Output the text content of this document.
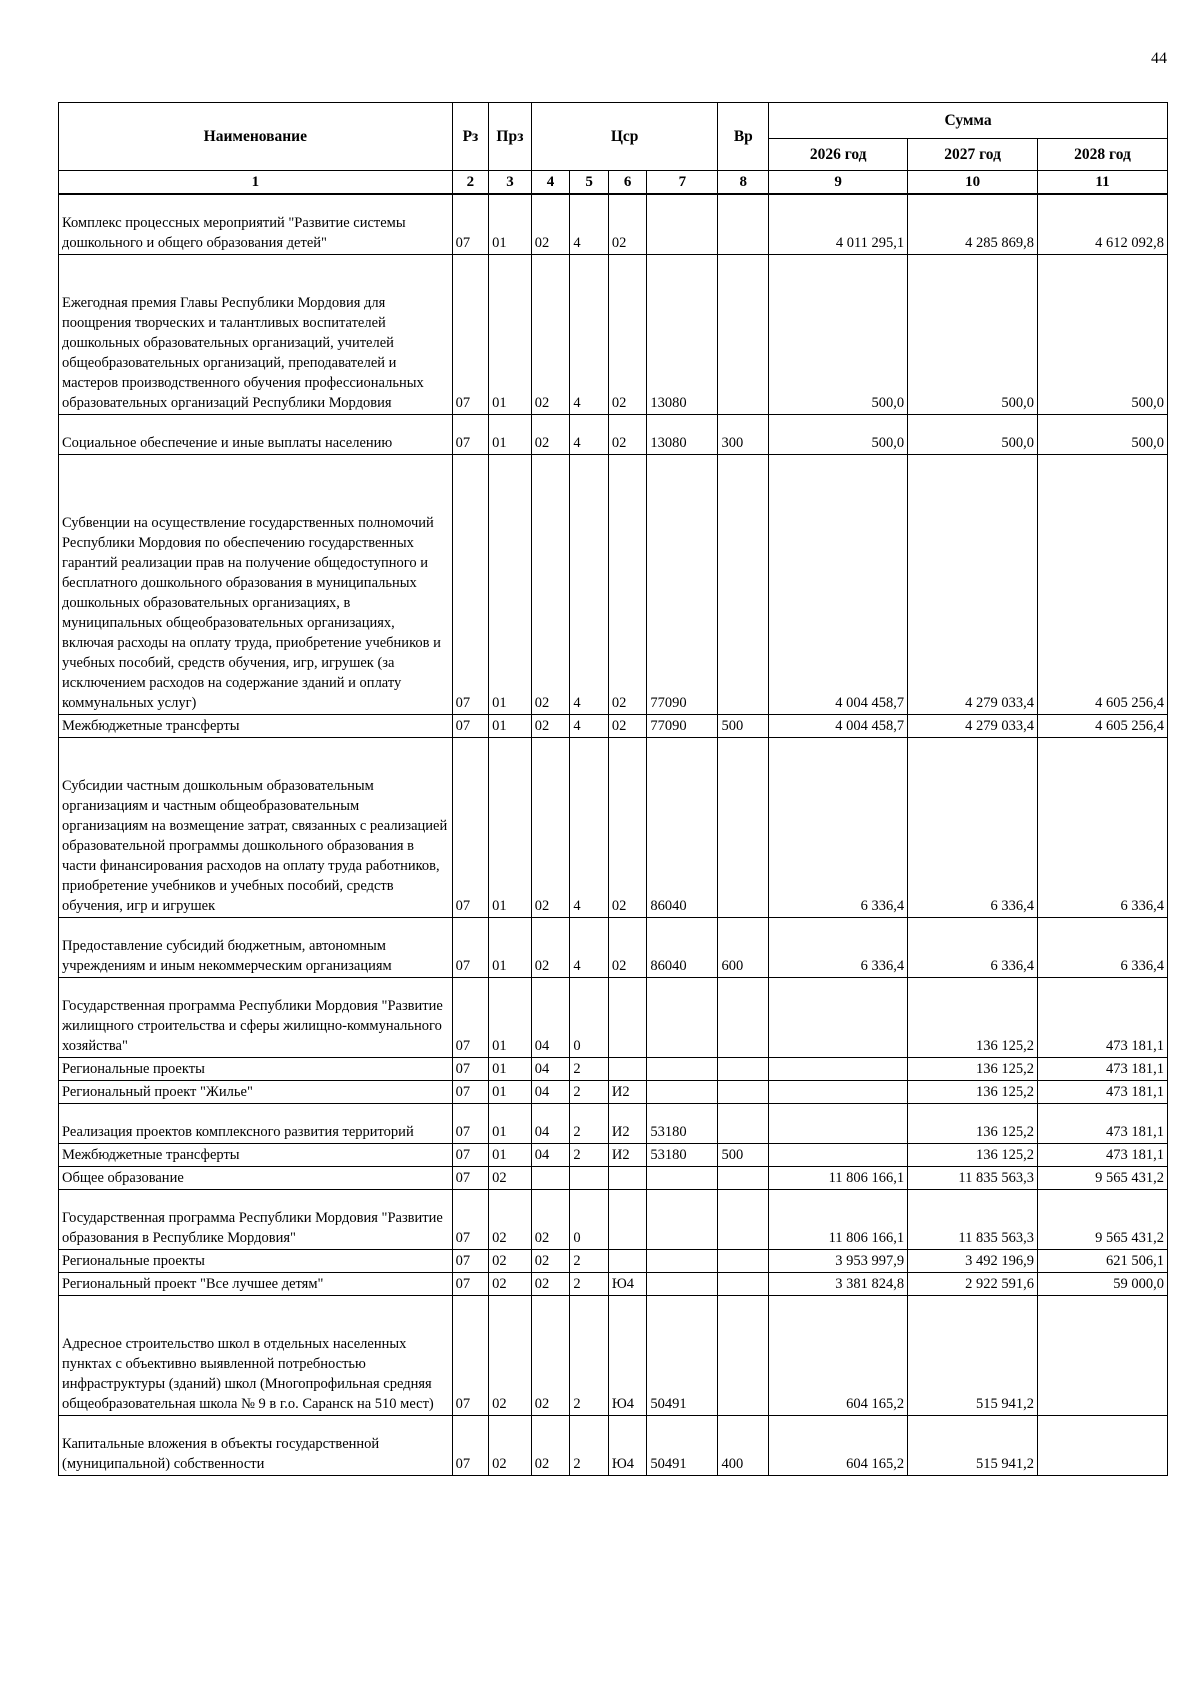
44
Наименование	Рз	Прз	Цср				Вр	Сумма		
								2026 год	2027 год	2028 год
1	2	3	4	5	6	7	8	9	10	11
Комплекс процессных мероприятий "Развитие системы дошкольного и общего образования детей"	07	01	02	4	02			4 011 295,1	4 285 869,8	4 612 092,8
Ежегодная премия Главы Республики Мордовия для поощрения творческих и талантливых воспитателей дошкольных образовательных организаций, учителей общеобразовательных организаций, преподавателей и мастеров производственного обучения профессиональных образовательных организаций Республики Мордовия	07	01	02	4	02	13080		500,0	500,0	500,0
Социальное обеспечение и иные выплаты населению	07	01	02	4	02	13080	300	500,0	500,0	500,0
Субвенции на осуществление государственных полномочий Республики Мордовия по обеспечению государственных гарантий реализации прав на получение общедоступного и бесплатного дошкольного образования в муниципальных дошкольных образовательных организациях, в муниципальных общеобразовательных организациях, включая расходы на оплату труда, приобретение учебников и учебных пособий, средств обучения, игр, игрушек (за исключением расходов на содержание зданий и оплату коммунальных услуг)	07	01	02	4	02	77090		4 004 458,7	4 279 033,4	4 605 256,4
Межбюджетные трансферты	07	01	02	4	02	77090	500	4 004 458,7	4 279 033,4	4 605 256,4
Субсидии частным дошкольным образовательным организациям и частным общеобразовательным организациям на возмещение затрат, связанных с реализацией образовательной программы дошкольного образования в части финансирования расходов на оплату труда работников, приобретение учебников и учебных пособий, средств обучения, игр и игрушек	07	01	02	4	02	86040		6 336,4	6 336,4	6 336,4
Предоставление субсидий бюджетным, автономным учреждениям и иным некоммерческим организациям	07	01	02	4	02	86040	600	6 336,4	6 336,4	6 336,4
Государственная программа Республики Мордовия "Развитие жилищного строительства и сферы жилищно-коммунального хозяйства"	07	01	04	0					136 125,2	473 181,1
Региональные проекты	07	01	04	2					136 125,2	473 181,1
Региональный проект "Жилье"	07	01	04	2	И2				136 125,2	473 181,1
Реализация проектов комплексного развития территорий	07	01	04	2	И2	53180			136 125,2	473 181,1
Межбюджетные трансферты	07	01	04	2	И2	53180	500		136 125,2	473 181,1
Общее образование	07	02						11 806 166,1	11 835 563,3	9 565 431,2
Государственная программа Республики Мордовия "Развитие образования в Республике Мордовия"	07	02	02	0				11 806 166,1	11 835 563,3	9 565 431,2
Региональные проекты	07	02	02	2				3 953 997,9	3 492 196,9	621 506,1
Региональный проект "Все лучшее детям"	07	02	02	2	Ю4			3 381 824,8	2 922 591,6	59 000,0
Адресное строительство школ в отдельных населенных пунктах с объективно выявленной потребностью инфраструктуры (зданий) школ (Многопрофильная средняя общеобразовательная школа № 9 в г.о. Саранск на 510 мест)	07	02	02	2	Ю4	50491		604 165,2	515 941,2	
Капитальные вложения в объекты государственной (муниципальной) собственности	07	02	02	2	Ю4	50491	400	604 165,2	515 941,2	
